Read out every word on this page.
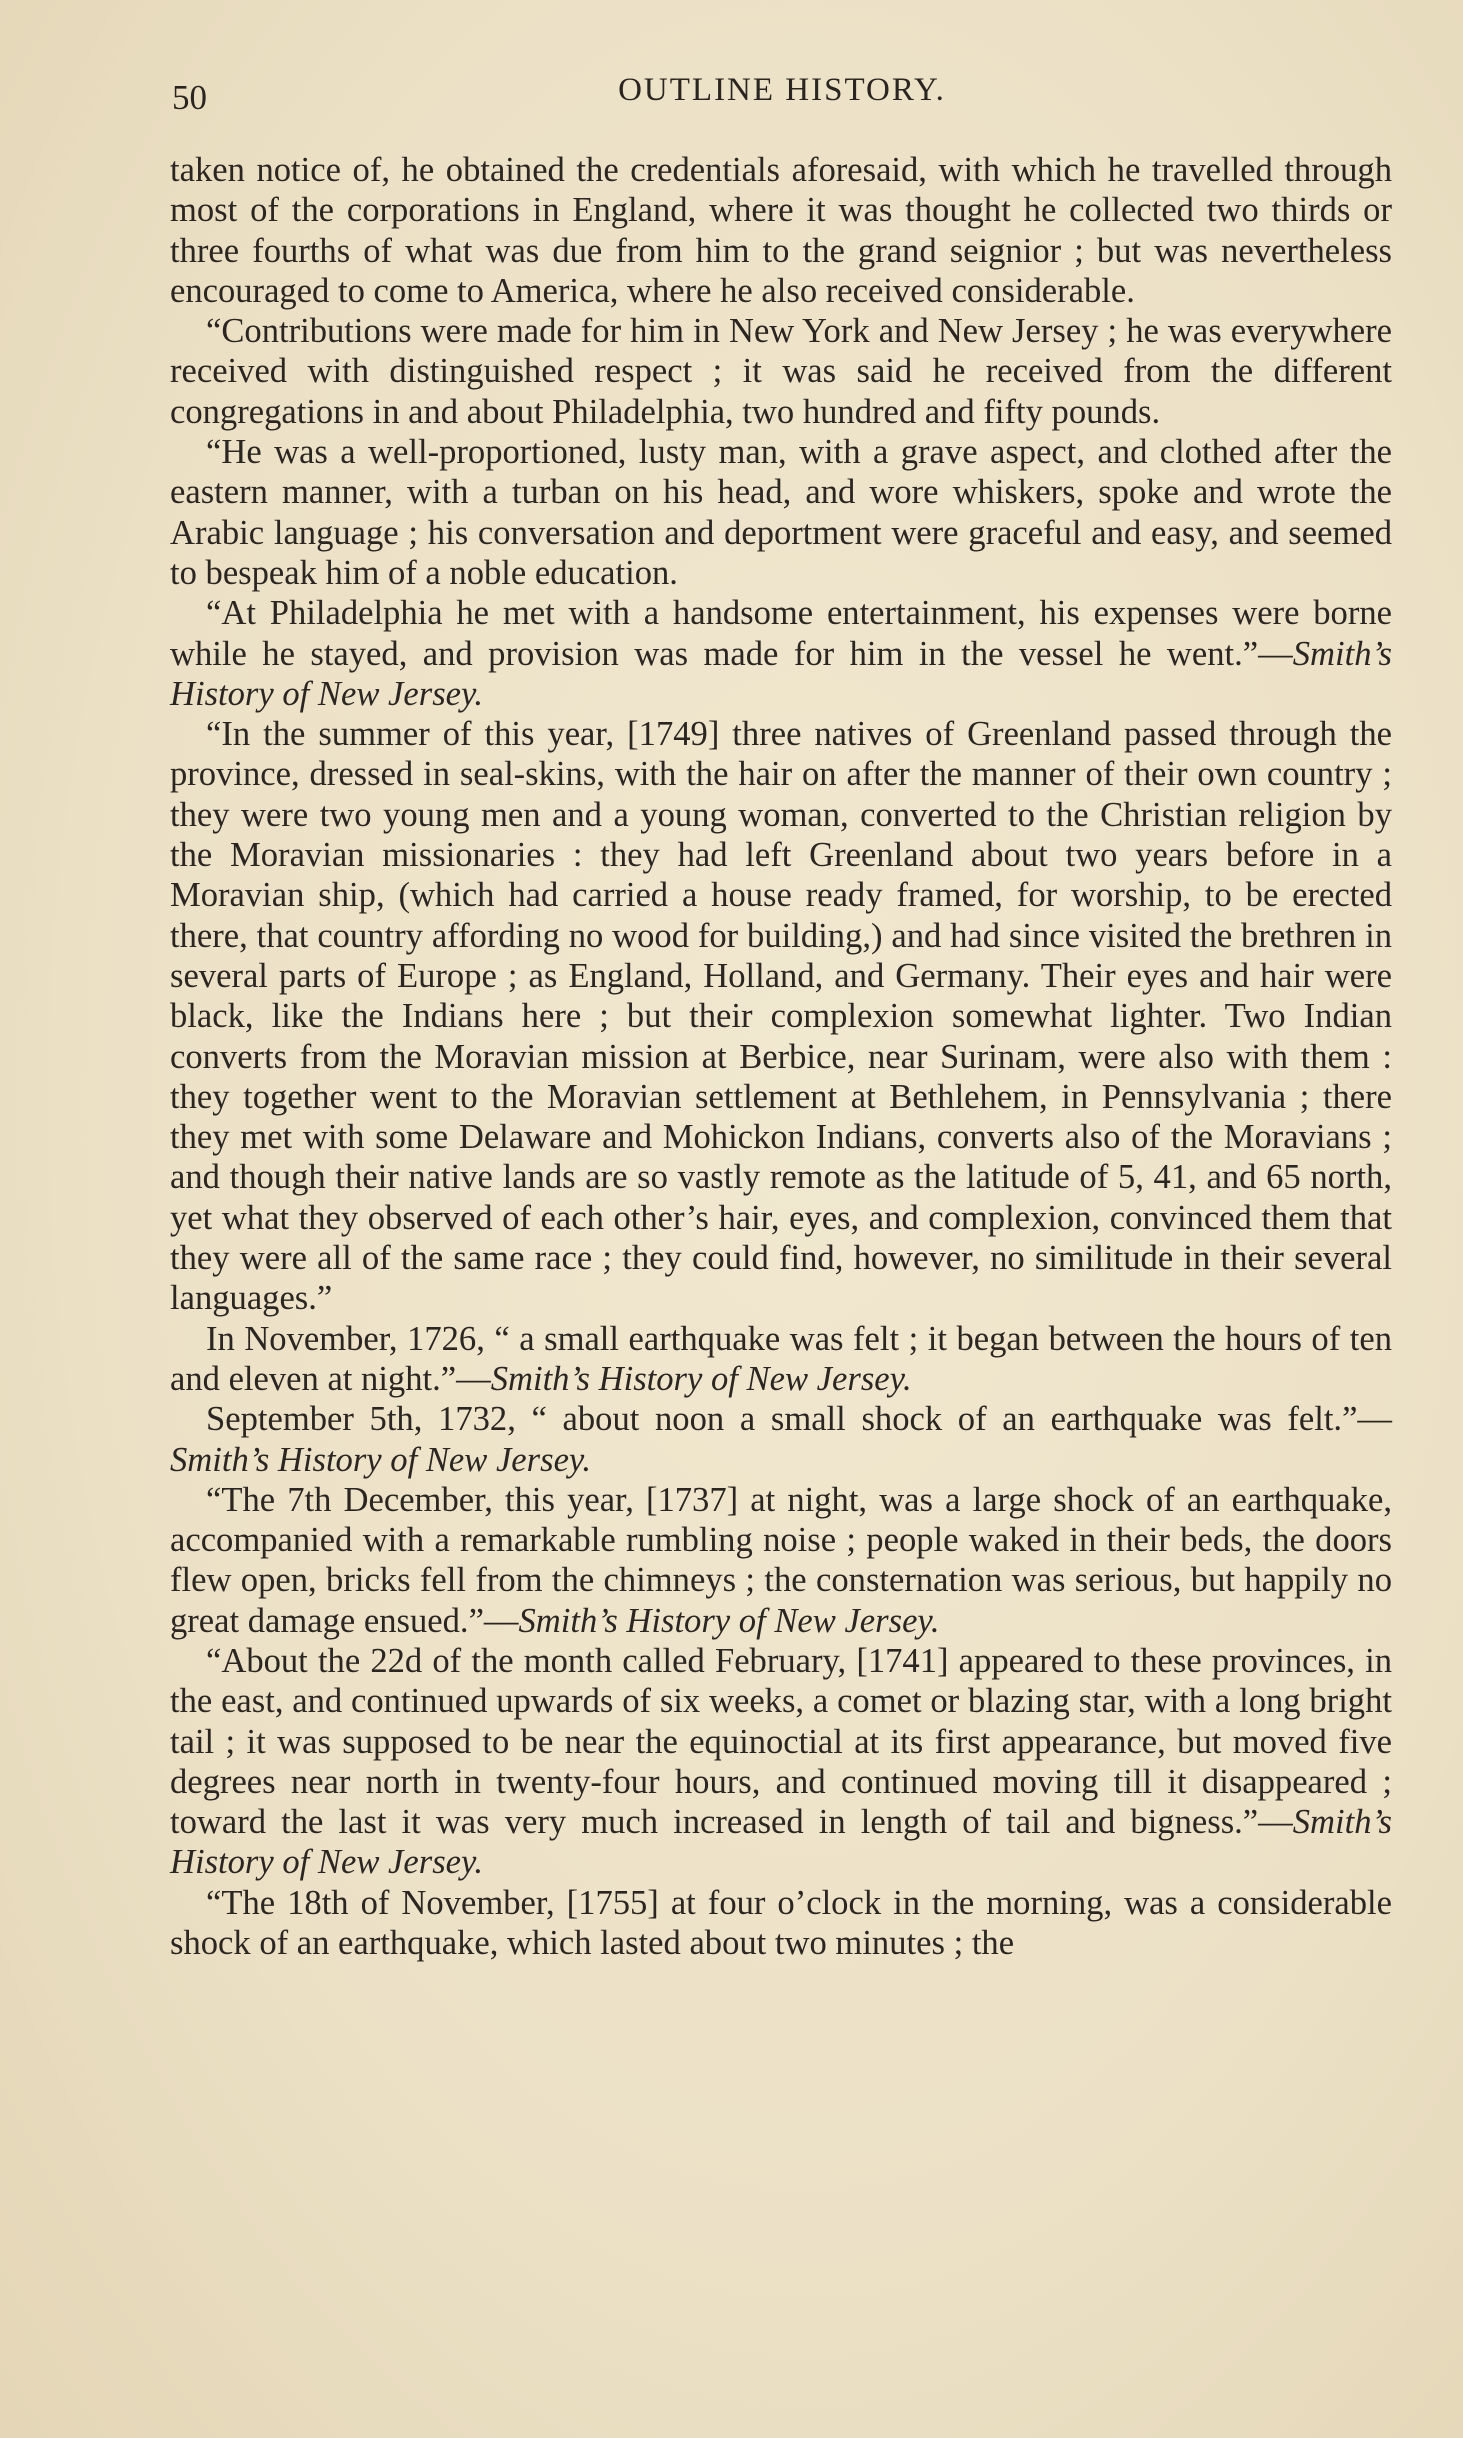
50	OUTLINE HISTORY.

taken notice of, he obtained the credentials aforesaid, with which he travelled through most of the corporations in England, where it was thought he collected two thirds or three fourths of what was due from him to the grand seignior ; but was nevertheless encouraged to come to America, where he also received considerable.

“Contributions were made for him in New York and New Jersey ; he was everywhere received with distinguished respect ; it was said he received from the different congregations in and about Philadelphia, two hundred and fifty pounds.

“He was a well-proportioned, lusty man, with a grave aspect, and clothed after the eastern manner, with a turban on his head, and wore whiskers, spoke and wrote the Arabic language ; his conversation and deportment were graceful and easy, and seemed to bespeak him of a noble education.

“At Philadelphia he met with a handsome entertainment, his expenses were borne while he stayed, and provision was made for him in the vessel he went.”—Smith’s History of New Jersey.

“In the summer of this year, [1749] three natives of Greenland passed through the province, dressed in seal-skins, with the hair on after the manner of their own country ; they were two young men and a young woman, converted to the Christian religion by the Moravian missionaries : they had left Greenland about two years before in a Moravian ship, (which had carried a house ready framed, for worship, to be erected there, that country affording no wood for building,) and had since visited the brethren in several parts of Europe ; as England, Holland, and Germany. Their eyes and hair were black, like the Indians here ; but their complexion somewhat lighter. Two Indian converts from the Moravian mission at Berbice, near Surinam, were also with them : they together went to the Moravian settlement at Bethlehem, in Pennsylvania ; there they met with some Delaware and Mohickon Indians, converts also of the Moravians ; and though their native lands are so vastly remote as the latitude of 5, 41, and 65 north, yet what they observed of each other’s hair, eyes, and complexion, convinced them that they were all of the same race ; they could find, however, no similitude in their several languages.”

In November, 1726, “ a small earthquake was felt ; it began between the hours of ten and eleven at night.”—Smith’s History of New Jersey.

September 5th, 1732, “ about noon a small shock of an earthquake was felt.”—Smith’s History of New Jersey.

“The 7th December, this year, [1737] at night, was a large shock of an earthquake, accompanied with a remarkable rumbling noise ; people waked in their beds, the doors flew open, bricks fell from the chimneys ; the consternation was serious, but happily no great damage ensued.”—Smith’s History of New Jersey.

“About the 22d of the month called February, [1741] appeared to these provinces, in the east, and continued upwards of six weeks, a comet or blazing star, with a long bright tail ; it was supposed to be near the equinoctial at its first appearance, but moved five degrees near north in twenty-four hours, and continued moving till it disappeared ; toward the last it was very much increased in length of tail and bigness.”—Smith’s History of New Jersey.

“The 18th of November, [1755] at four o’clock in the morning, was a considerable shock of an earthquake, which lasted about two minutes ; the
